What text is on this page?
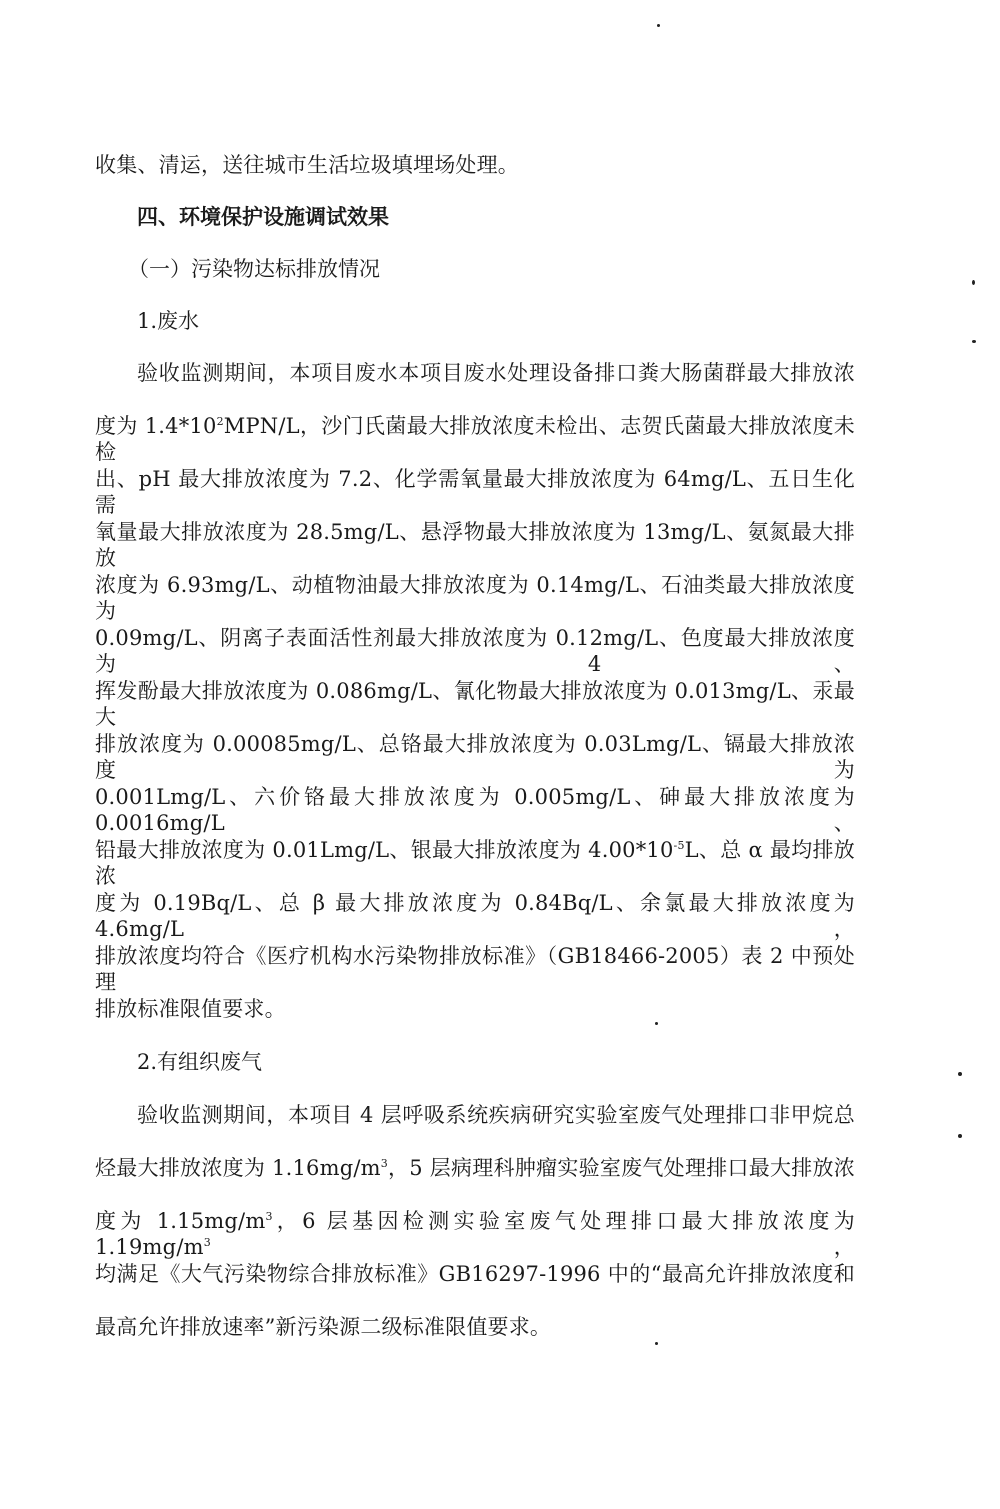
收集、清运，送往城市生活垃圾填埋场处理。
四、环境保护设施调试效果
（一）污染物达标排放情况
1.废水
验收监测期间，本项目废水本项目废水处理设备排口粪大肠菌群最大排放浓
度为 $1.4*10^2MPN/L$，沙门氏菌最大排放浓度未检出、志贺氏菌最大排放浓度未检
出、pH 最大排放浓度为 7.2、化学需氧量最大排放浓度为 64mg/L、五日生化需
氧量最大排放浓度为 28.5mg/L、悬浮物最大排放浓度为 13mg/L、氨氮最大排放
浓度为 6.93mg/L、动植物油最大排放浓度为 0.14mg/L、石油类最大排放浓度为
0.09mg/L、阴离子表面活性剂最大排放浓度为 0.12mg/L、色度最大排放浓度为 4、
挥发酚最大排放浓度为 0.086mg/L、氰化物最大排放浓度为 0.013mg/L、汞最大
排放浓度为 0.00085mg/L、总铬最大排放浓度为 0.03Lmg/L、镉最大排放浓度为
0.001Lmg/L、六价铬最大排放浓度为 0.005mg/L、砷最大排放浓度为 0.0016mg/L、
铅最大排放浓度为 0.01Lmg/L、银最大排放浓度为 $4.00*10^{-5}L$、总 α 最均排放浓
度为 0.19Bq/L、总 β 最大排放浓度为 0.84Bq/L、余氯最大排放浓度为 4.6mg/L，
排放浓度均符合《医疗机构水污染物排放标准》（GB18466-2005）表 2 中预处理
排放标准限值要求。
2.有组织废气
验收监测期间，本项目 4 层呼吸系统疾病研究实验室废气处理排口非甲烷总
烃最大排放浓度为 $1.16mg/m^3$，5 层病理科肿瘤实验室废气处理排口最大排放浓
度为 $1.15mg/m^3$，6 层基因检测实验室废气处理排口最大排放浓度为 $1.19mg/m^3$，
均满足《大气污染物综合排放标准》GB16297-1996 中的“最高允许排放浓度和
最高允许排放速率”新污染源二级标准限值要求。
